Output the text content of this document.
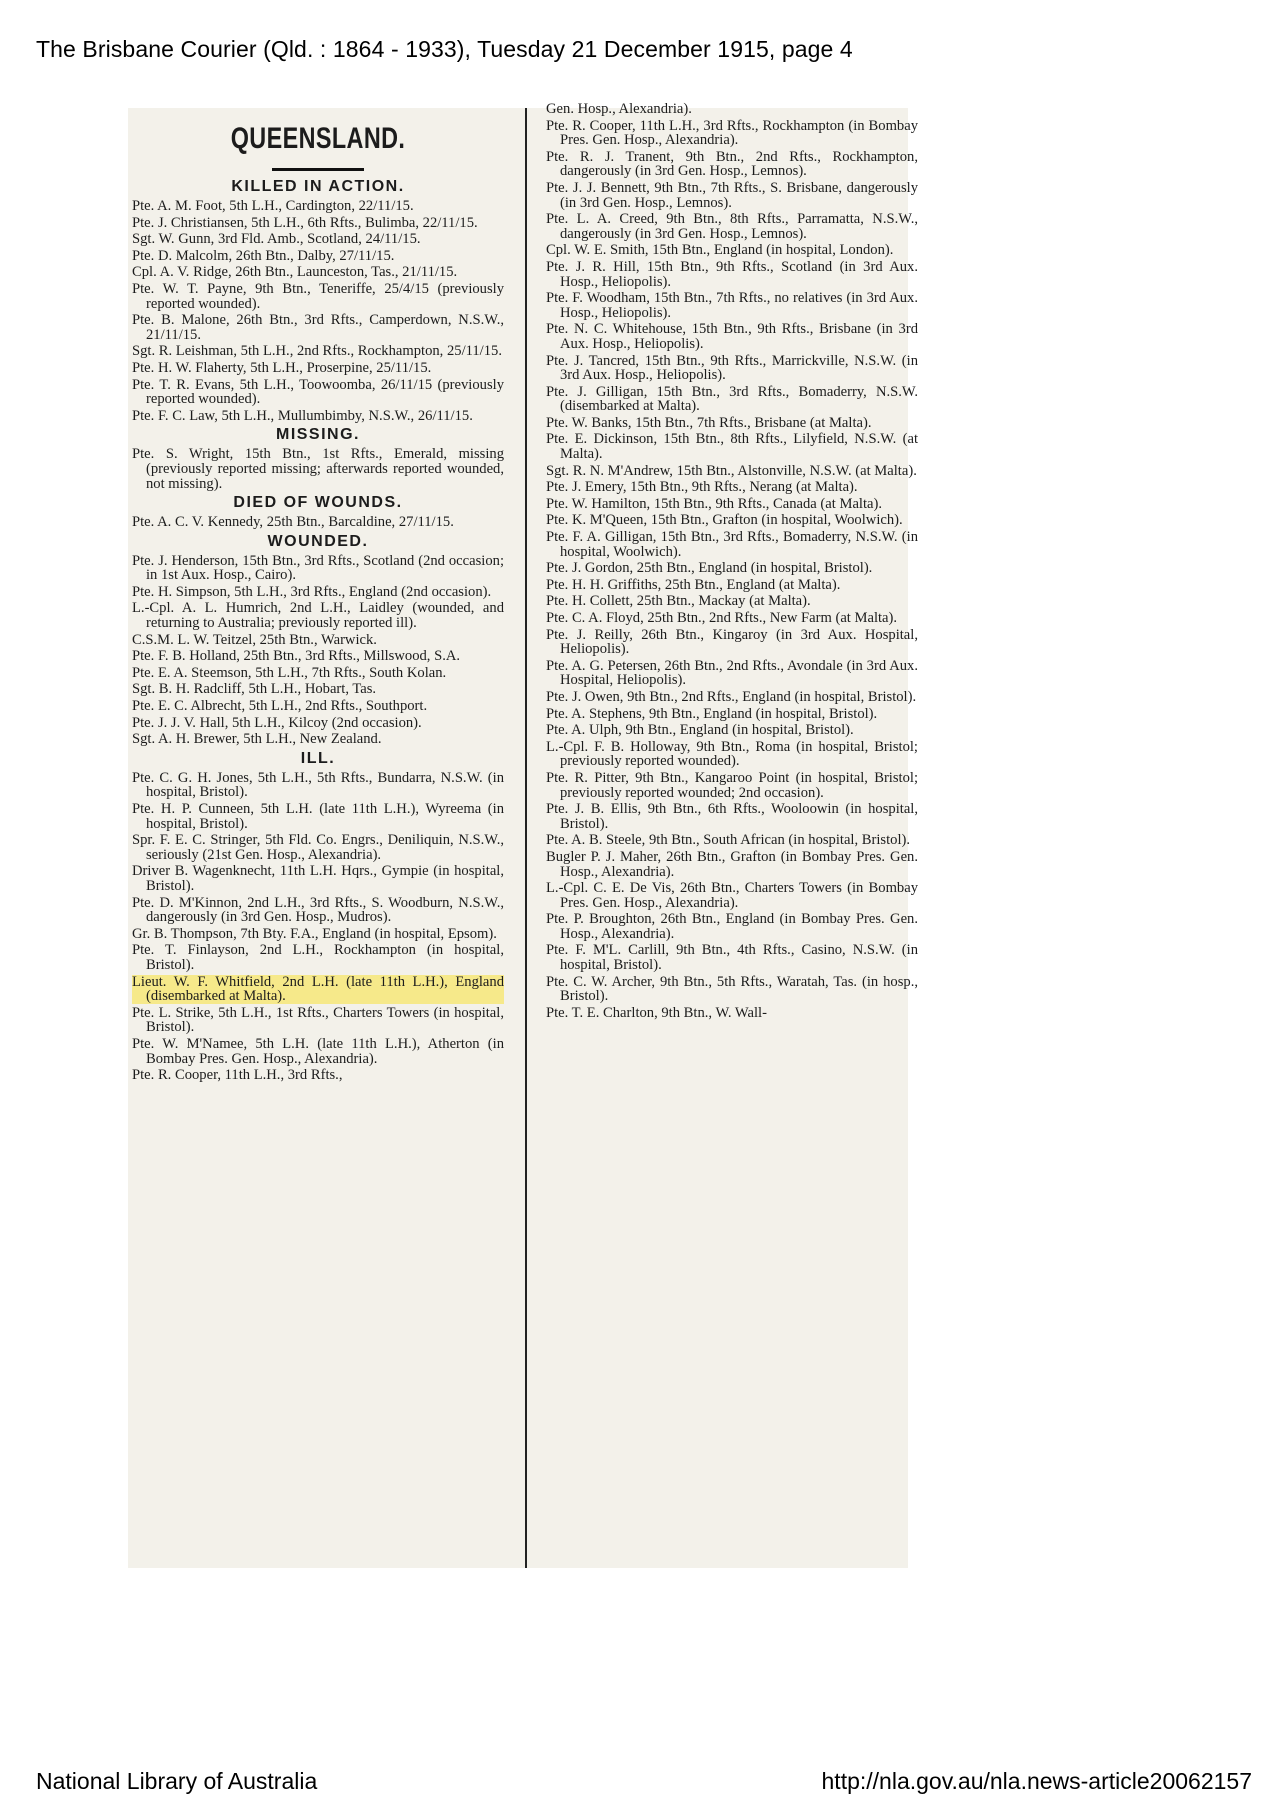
The Brisbane Courier (Qld. : 1864 - 1933), Tuesday 21 December 1915, page 4
QUEENSLAND.
KILLED IN ACTION.
Pte. A. M. Foot, 5th L.H., Cardington, 22/11/15.
Pte. J. Christiansen, 5th L.H., 6th Rfts., Bulimba, 22/11/15.
Sgt. W. Gunn, 3rd Fld. Amb., Scotland, 24/11/15.
Pte. D. Malcolm, 26th Btn., Dalby, 27/11/15.
Cpl. A. V. Ridge, 26th Btn., Launceston, Tas., 21/11/15.
Pte. W. T. Payne, 9th Btn., Teneriffe, 25/4/15 (previously reported wounded).
Pte. B. Malone, 26th Btn., 3rd Rfts., Camperdown, N.S.W., 21/11/15.
Sgt. R. Leishman, 5th L.H., 2nd Rfts., Rockhampton, 25/11/15.
Pte. H. W. Flaherty, 5th L.H., Proserpine, 25/11/15.
Pte. T. R. Evans, 5th L.H., Toowoomba, 26/11/15 (previously reported wounded).
Pte. F. C. Law, 5th L.H., Mullumbimby, N.S.W., 26/11/15.
MISSING.
Pte. S. Wright, 15th Btn., 1st Rfts., Emerald, missing (previously reported missing; afterwards reported wounded, not missing).
DIED OF WOUNDS.
Pte. A. C. V. Kennedy, 25th Btn., Barcaldine, 27/11/15.
WOUNDED.
Pte. J. Henderson, 15th Btn., 3rd Rfts., Scotland (2nd occasion; in 1st Aux. Hosp., Cairo).
Pte. H. Simpson, 5th L.H., 3rd Rfts., England (2nd occasion).
L.-Cpl. A. L. Humrich, 2nd L.H., Laidley (wounded, and returning to Australia; previously reported ill).
C.S.M. L. W. Teitzel, 25th Btn., Warwick.
Pte. F. B. Holland, 25th Btn., 3rd Rfts., Millswood, S.A.
Pte. E. A. Steemson, 5th L.H., 7th Rfts., South Kolan.
Sgt. B. H. Radcliff, 5th L.H., Hobart, Tas.
Pte. E. C. Albrecht, 5th L.H., 2nd Rfts., Southport.
Pte. J. J. V. Hall, 5th L.H., Kilcoy (2nd occasion).
Sgt. A. H. Brewer, 5th L.H., New Zealand.
ILL.
Pte. C. G. H. Jones, 5th L.H., 5th Rfts., Bundarra, N.S.W. (in hospital, Bristol).
Pte. H. P. Cunneen, 5th L.H. (late 11th L.H.), Wyreema (in hospital, Bristol).
Spr. F. E. C. Stringer, 5th Fld. Co. Engrs., Deniliquin, N.S.W., seriously (21st Gen. Hosp., Alexandria).
Driver B. Wagenknecht, 11th L.H. Hqrs., Gympie (in hospital, Bristol).
Pte. D. M'Kinnon, 2nd L.H., 3rd Rfts., S. Woodburn, N.S.W., dangerously (in 3rd Gen. Hosp., Mudros).
Gr. B. Thompson, 7th Bty. F.A., England (in hospital, Epsom).
Pte. T. Finlayson, 2nd L.H., Rockhampton (in hospital, Bristol).
Lieut. W. F. Whitfield, 2nd L.H. (late 11th L.H.), England (disembarked at Malta).
Pte. L. Strike, 5th L.H., 1st Rfts., Charters Towers (in hospital, Bristol).
Pte. W. M'Namee, 5th L.H. (late 11th L.H.), Atherton (in Bombay Pres. Gen. Hosp., Alexandria).
Pte. R. Cooper, 11th L.H., 3rd Rfts.,
Gen. Hosp., Alexandria).
Pte. R. Cooper, 11th L.H., 3rd Rfts., Rockhampton (in Bombay Pres. Gen. Hosp., Alexandria).
Pte. R. J. Tranent, 9th Btn., 2nd Rfts., Rockhampton, dangerously (in 3rd Gen. Hosp., Lemnos).
Pte. J. J. Bennett, 9th Btn., 7th Rfts., S. Brisbane, dangerously (in 3rd Gen. Hosp., Lemnos).
Pte. L. A. Creed, 9th Btn., 8th Rfts., Parramatta, N.S.W., dangerously (in 3rd Gen. Hosp., Lemnos).
Cpl. W. E. Smith, 15th Btn., England (in hospital, London).
Pte. J. R. Hill, 15th Btn., 9th Rfts., Scotland (in 3rd Aux. Hosp., Heliopolis).
Pte. F. Woodham, 15th Btn., 7th Rfts., no relatives (in 3rd Aux. Hosp., Heliopolis).
Pte. N. C. Whitehouse, 15th Btn., 9th Rfts., Brisbane (in 3rd Aux. Hosp., Heliopolis).
Pte. J. Tancred, 15th Btn., 9th Rfts., Marrickville, N.S.W. (in 3rd Aux. Hosp., Heliopolis).
Pte. J. Gilligan, 15th Btn., 3rd Rfts., Bomaderry, N.S.W. (disembarked at Malta).
Pte. W. Banks, 15th Btn., 7th Rfts., Brisbane (at Malta).
Pte. E. Dickinson, 15th Btn., 8th Rfts., Lilyfield, N.S.W. (at Malta).
Sgt. R. N. M'Andrew, 15th Btn., Alstonville, N.S.W. (at Malta).
Pte. J. Emery, 15th Btn., 9th Rfts., Nerang (at Malta).
Pte. W. Hamilton, 15th Btn., 9th Rfts., Canada (at Malta).
Pte. K. M'Queen, 15th Btn., Grafton (in hospital, Woolwich).
Pte. F. A. Gilligan, 15th Btn., 3rd Rfts., Bomaderry, N.S.W. (in hospital, Woolwich).
Pte. J. Gordon, 25th Btn., England (in hospital, Bristol).
Pte. H. H. Griffiths, 25th Btn., England (at Malta).
Pte. H. Collett, 25th Btn., Mackay (at Malta).
Pte. C. A. Floyd, 25th Btn., 2nd Rfts., New Farm (at Malta).
Pte. J. Reilly, 26th Btn., Kingaroy (in 3rd Aux. Hospital, Heliopolis).
Pte. A. G. Petersen, 26th Btn., 2nd Rfts., Avondale (in 3rd Aux. Hospital, Heliopolis).
Pte. J. Owen, 9th Btn., 2nd Rfts., England (in hospital, Bristol).
Pte. A. Stephens, 9th Btn., England (in hospital, Bristol).
Pte. A. Ulph, 9th Btn., England (in hospital, Bristol).
L.-Cpl. F. B. Holloway, 9th Btn., Roma (in hospital, Bristol; previously reported wounded).
Pte. R. Pitter, 9th Btn., Kangaroo Point (in hospital, Bristol; previously reported wounded; 2nd occasion).
Pte. J. B. Ellis, 9th Btn., 6th Rfts., Wooloowin (in hospital, Bristol).
Pte. A. B. Steele, 9th Btn., South African (in hospital, Bristol).
Bugler P. J. Maher, 26th Btn., Grafton (in Bombay Pres. Gen. Hosp., Alexandria).
L.-Cpl. C. E. De Vis, 26th Btn., Charters Towers (in Bombay Pres. Gen. Hosp., Alexandria).
Pte. P. Broughton, 26th Btn., England (in Bombay Pres. Gen. Hosp., Alexandria).
Pte. F. M'L. Carlill, 9th Btn., 4th Rfts., Casino, N.S.W. (in hospital, Bristol).
Pte. C. W. Archer, 9th Btn., 5th Rfts., Waratah, Tas. (in hosp., Bristol).
Pte. T. E. Charlton, 9th Btn., W. Wall-
National Library of Australia	http://nla.gov.au/nla.news-article20062157
